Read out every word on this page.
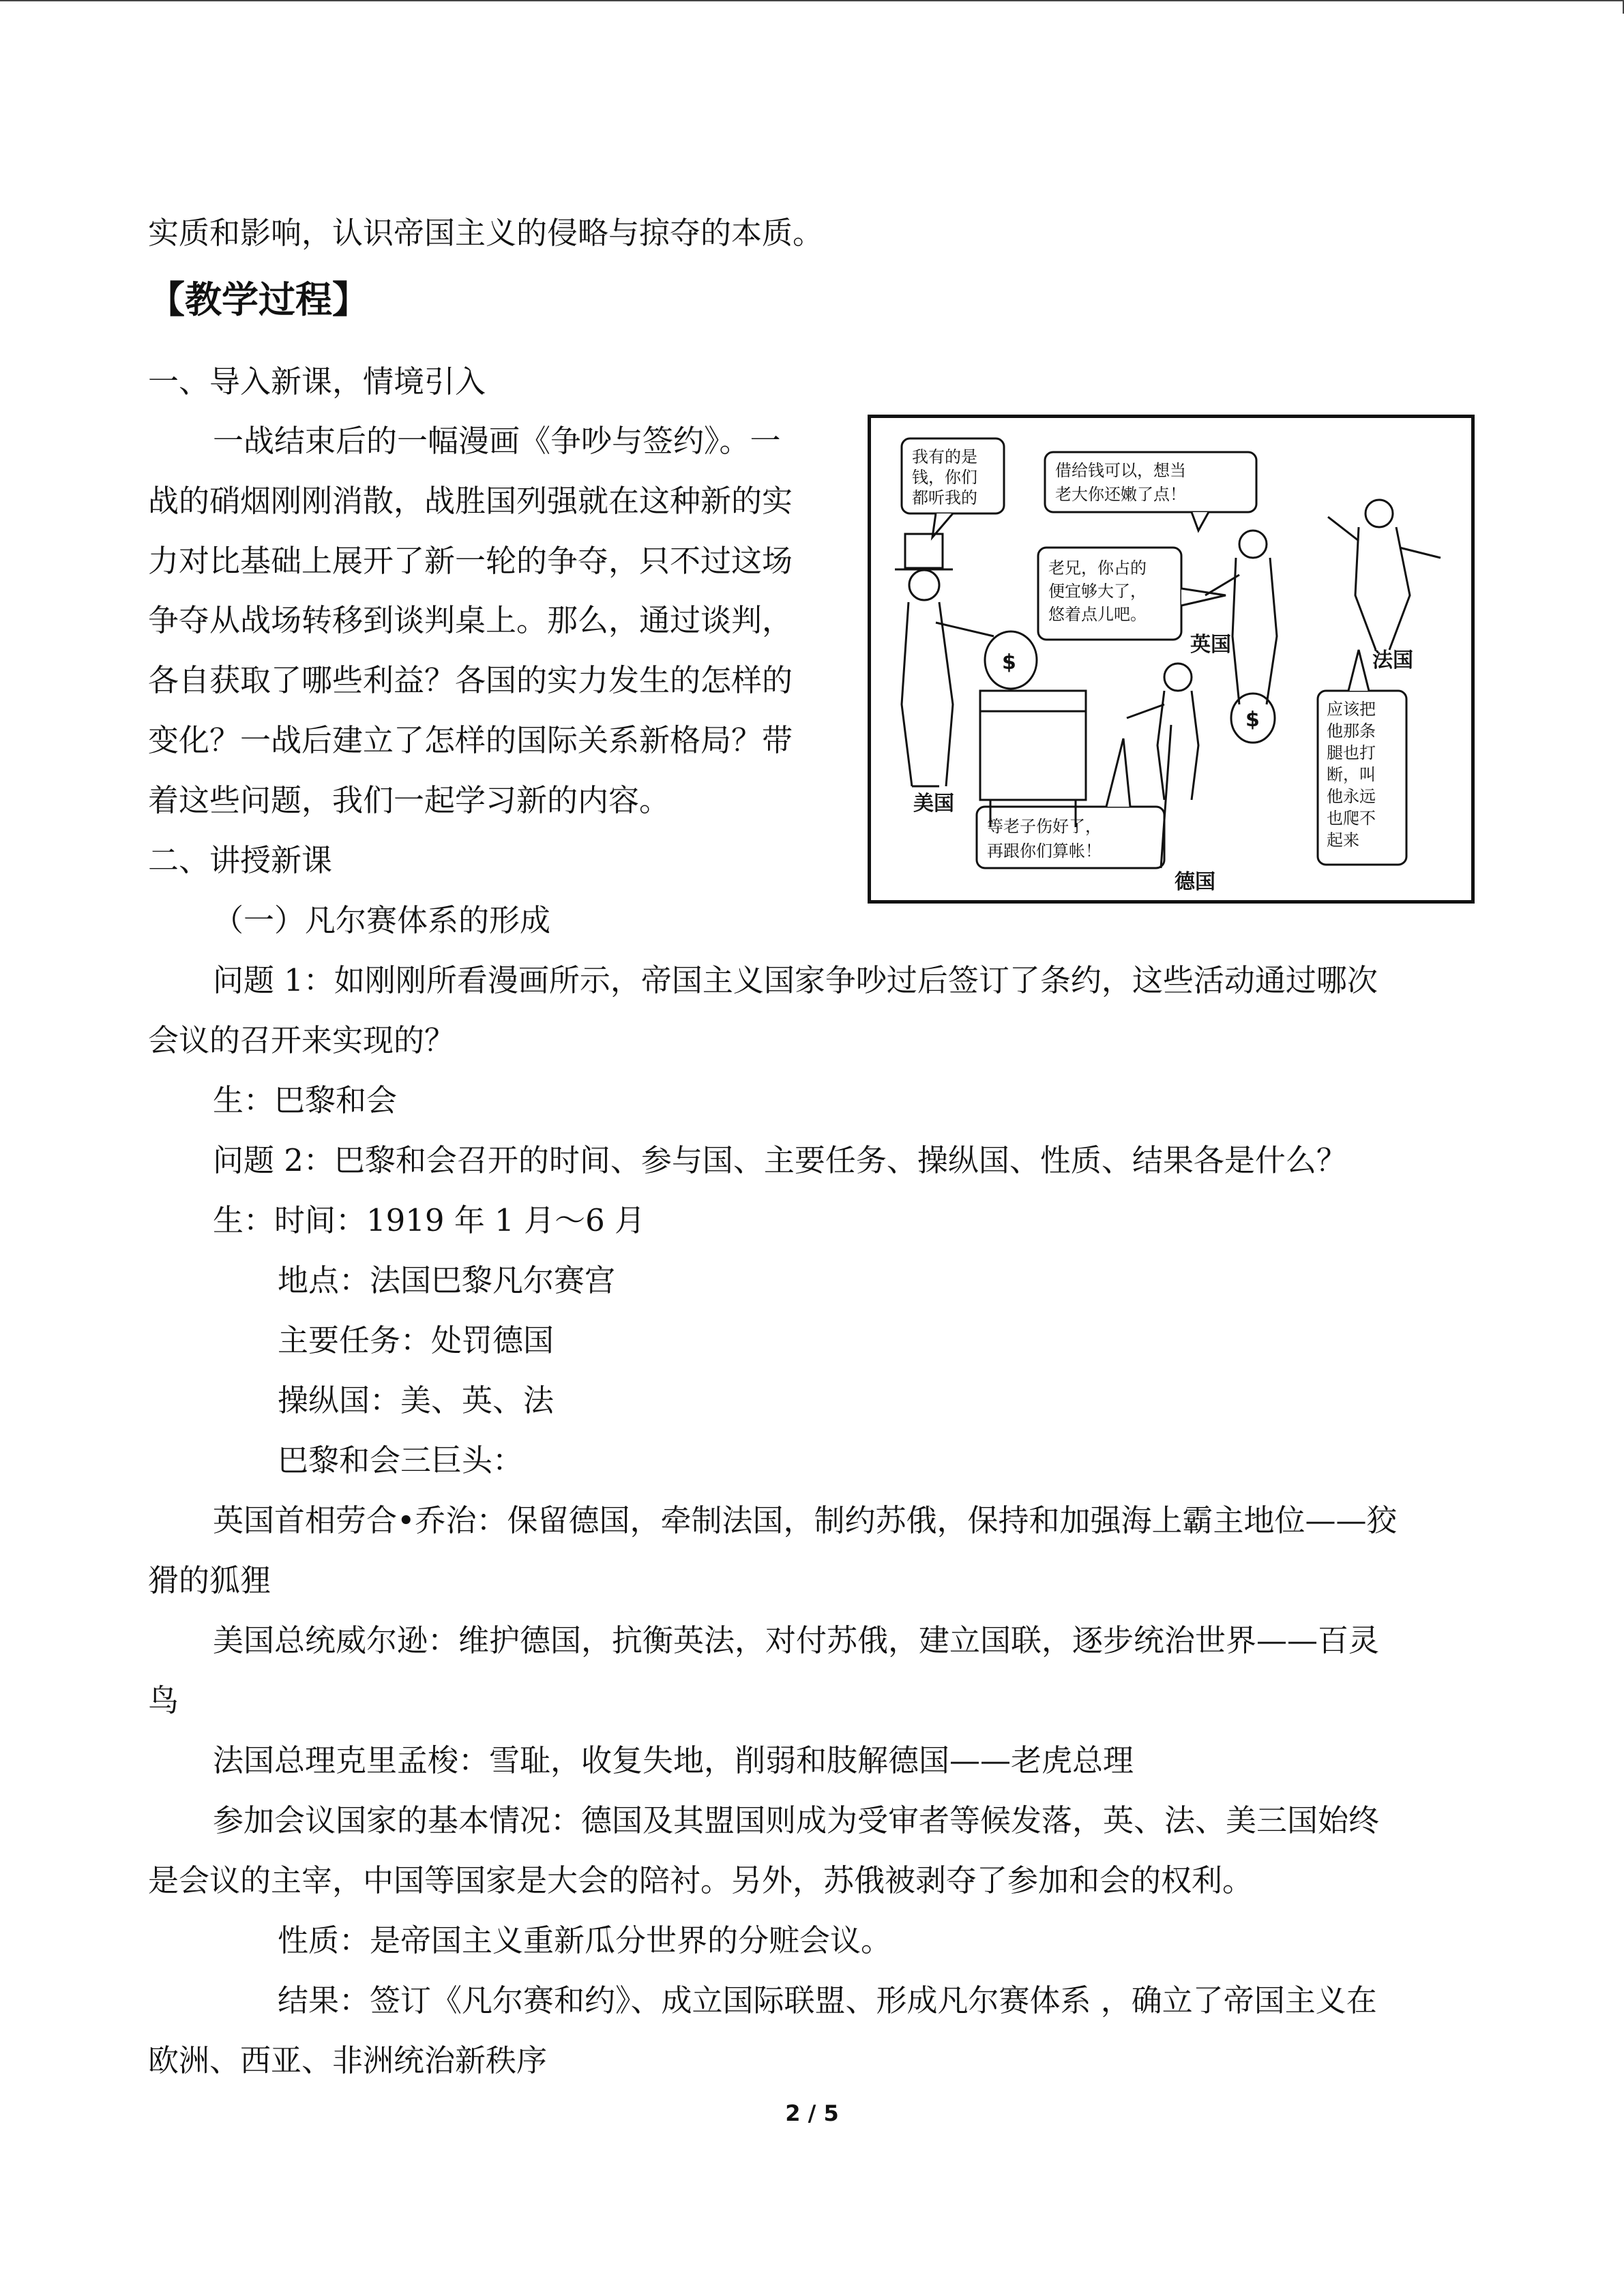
实质和影响，认识帝国主义的侵略与掠夺的本质。
【教学过程】
一、导入新课，情境引入
一战结束后的一幅漫画《争吵与签约》。一
战的硝烟刚刚消散，战胜国列强就在这种新的实
力对比基础上展开了新一轮的争夺，只不过这场
争夺从战场转移到谈判桌上。那么，通过谈判，
各自获取了哪些利益？各国的实力发生的怎样的
变化？一战后建立了怎样的国际关系新格局？带
着这些问题，我们一起学习新的内容。
二、讲授新课
（一）凡尔赛体系的形成
问题 1：如刚刚所看漫画所示，帝国主义国家争吵过后签订了条约，这些活动通过哪次
会议的召开来实现的？
生：巴黎和会
问题 2：巴黎和会召开的时间、参与国、主要任务、操纵国、性质、结果各是什么？
生：时间：1919 年 1 月～6 月
地点：法国巴黎凡尔赛宫
主要任务：处罚德国
操纵国：美、英、法
巴黎和会三巨头：
英国首相劳合•乔治：保留德国，牵制法国，制约苏俄，保持和加强海上霸主地位——狡
猾的狐狸
美国总统威尔逊：维护德国，抗衡英法，对付苏俄，建立国联，逐步统治世界——百灵
鸟
法国总理克里孟梭：雪耻，收复失地，削弱和肢解德国——老虎总理
参加会议国家的基本情况：德国及其盟国则成为受审者等候发落，英、法、美三国始终
是会议的主宰，中国等国家是大会的陪衬。另外，苏俄被剥夺了参加和会的权利。
性质：是帝国主义重新瓜分世界的分赃会议。
结果：签订《凡尔赛和约》、成立国际联盟、形成凡尔赛体系 ，确立了帝国主义在
欧洲、西亚、非洲统治新秩序
2 / 5
$
$
我有的是
钱，你们
都听我的
借给钱可以，想当
老大你还嫩了点！
老兄，你占的
便宜够大了，
悠着点儿吧。
应该把
他那条
腿也打
断，叫
他永远
也爬不
起来
等老子伤好了，
再跟你们算帐！
美国
英国
法国
德国
